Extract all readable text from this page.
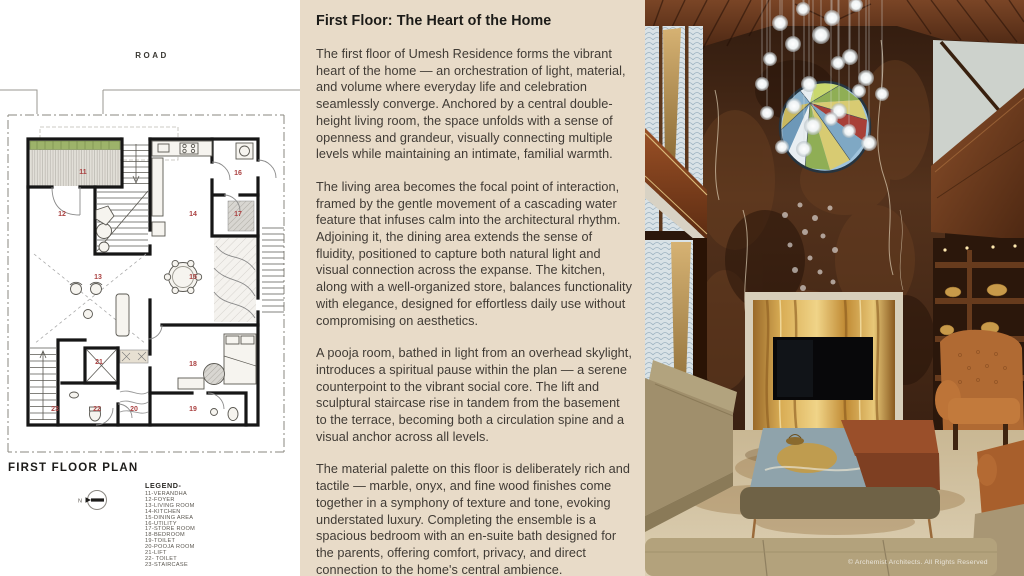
ROAD
11
12
13
14
15
16
17
18
19
20
21
22
23
FIRST FLOOR PLAN
N
LEGEND-
11-VERANDHA
12-FOYER
13-LIVING ROOM
14-KITCHEN
15-DINING AREA
16-UTILITY
17-STORE ROOM
18-BEDROOM
19-TOILET
20-POOJA ROOM
21-LIFT
22- TOILET
23-STAIRCASE
First Floor: The Heart of the Home

The first floor of Umesh Residence forms the vibrant heart of the home — an orchestration of light, material, and volume where everyday life and celebration seamlessly converge. Anchored by a central double-height living room, the space unfolds with a sense of openness and grandeur, visually connecting multiple levels while maintaining an intimate, familial warmth.

The living area becomes the focal point of interaction, framed by the gentle movement of a cascading water feature that infuses calm into the architectural rhythm. Adjoining it, the dining area extends the sense of fluidity, positioned to capture both natural light and visual connection across the expanse. The kitchen, along with a well-organized store, balances functionality with elegance, designed for effortless daily use without compromising on aesthetics.

A pooja room, bathed in light from an overhead skylight, introduces a spiritual pause within the plan — a serene counterpoint to the vibrant social core. The lift and sculptural staircase rise in tandem from the basement to the terrace, becoming both a circulation spine and a visual anchor across all levels.

The material palette on this floor is deliberately rich and tactile — marble, onyx, and fine wood finishes come together in a symphony of texture and tone, evoking understated luxury. Completing the ensemble is a spacious bedroom with an en-suite bath designed for the parents, offering comfort, privacy, and direct connection to the home's central ambience.

© Archemist Architects. All Rights Reserved
